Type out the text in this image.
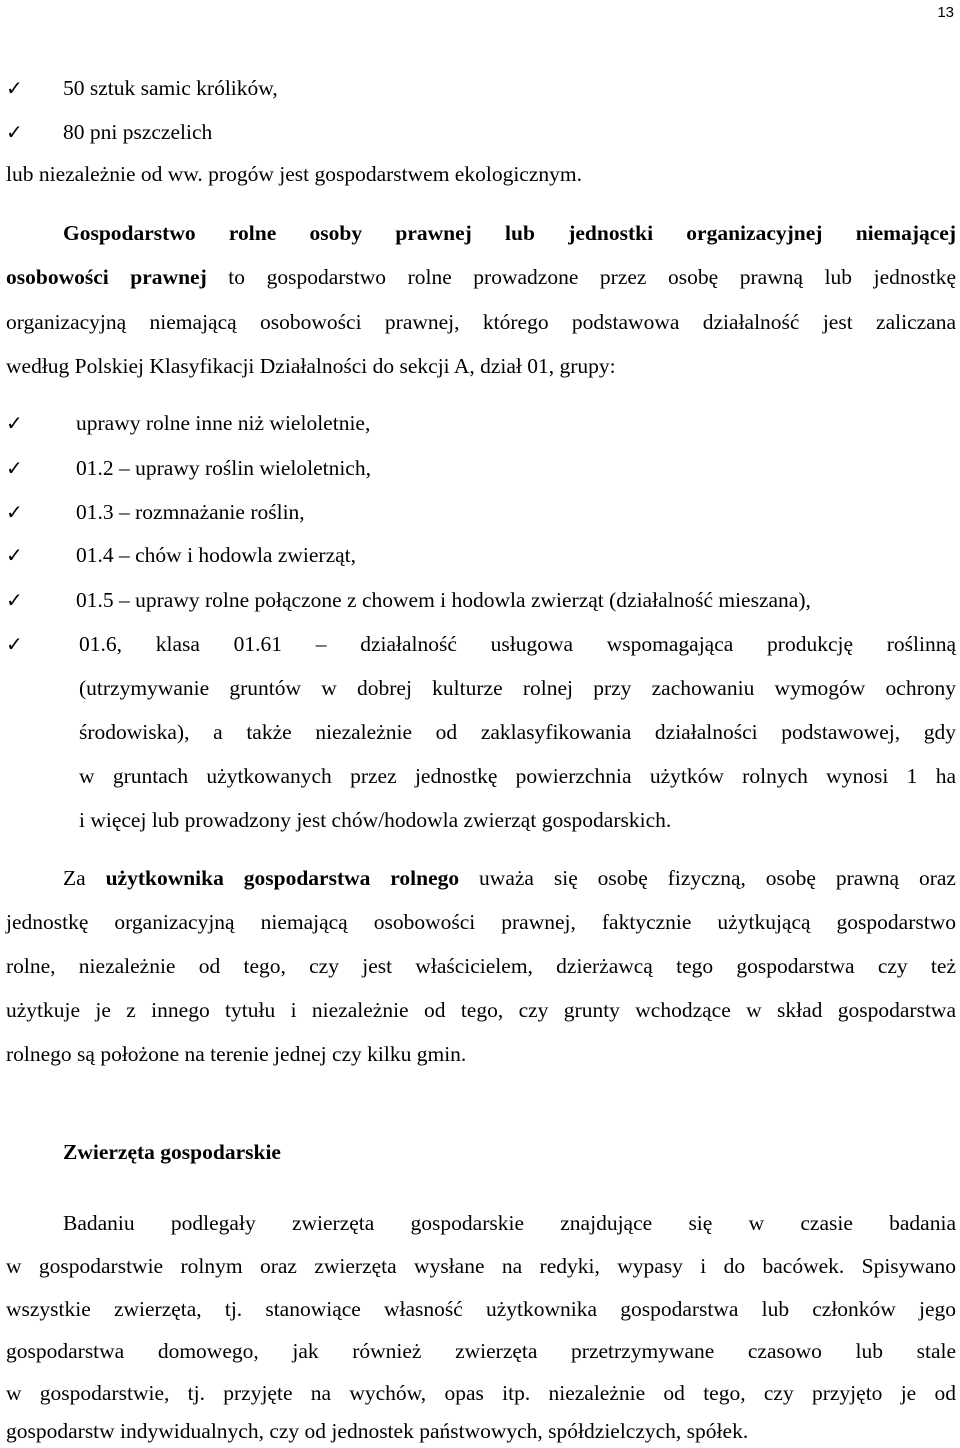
13
✓ 50 sztuk samic królików,
✓ 80 pni pszczelich
lub niezależnie od ww. progów jest gospodarstwem ekologicznym.
Gospodarstwo rolne osoby prawnej lub jednostki organizacyjnej niemającej
osobowości prawnej to gospodarstwo rolne prowadzone przez osobę prawną lub jednostkę
organizacyjną niemającą osobowości prawnej, którego podstawowa działalność jest zaliczana
według Polskiej Klasyfikacji Działalności do sekcji A, dział 01, grupy:
✓ uprawy rolne inne niż wieloletnie,
✓ 01.2 – uprawy roślin wieloletnich,
✓ 01.3 – rozmnażanie roślin,
✓ 01.4 – chów i hodowla zwierząt,
✓ 01.5 – uprawy rolne połączone z chowem i hodowla zwierząt (działalność mieszana),
✓	01.6, klasa 01.61 – działalność usługowa wspomagająca produkcję roślinną
(utrzymywanie gruntów w dobrej kulturze rolnej przy zachowaniu wymogów ochrony
środowiska), a także niezależnie od zaklasyfikowania działalności podstawowej, gdy
w gruntach użytkowanych przez jednostkę powierzchnia użytków rolnych wynosi 1 ha
i więcej lub prowadzony jest chów/hodowla zwierząt gospodarskich.
Za użytkownika gospodarstwa rolnego uważa się osobę fizyczną, osobę prawną oraz
jednostkę organizacyjną niemającą osobowości prawnej, faktycznie użytkującą gospodarstwo
rolne, niezależnie od tego, czy jest właścicielem, dzierżawcą tego gospodarstwa czy też
użytkuje je z innego tytułu i niezależnie od tego, czy grunty wchodzące w skład gospodarstwa
rolnego są położone na terenie jednej czy kilku gmin.
Zwierzęta gospodarskie
Badaniu podlegały zwierzęta gospodarskie znajdujące się w czasie badania
w gospodarstwie rolnym oraz zwierzęta wysłane na redyki, wypasy i do bacówek. Spisywano
wszystkie zwierzęta, tj. stanowiące własność użytkownika gospodarstwa lub członków jego
gospodarstwa domowego, jak również zwierzęta przetrzymywane czasowo lub stale
w gospodarstwie, tj. przyjęte na wychów, opas itp. niezależnie od tego, czy przyjęto je od
gospodarstw indywidualnych, czy od jednostek państwowych, spółdzielczych, spółek.
